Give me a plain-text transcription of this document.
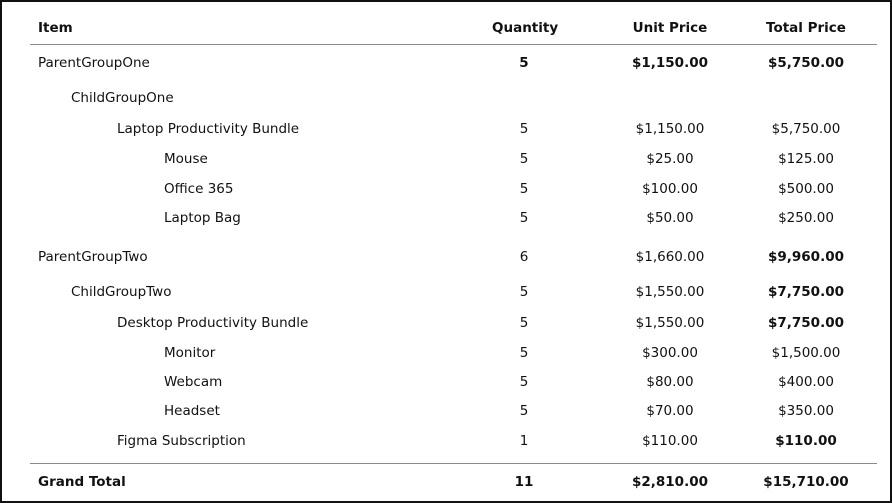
Item	Quantity	Unit Price	Total Price
ParentGroupOne	5	$1,150.00	$5,750.00
ChildGroupOne
Laptop Productivity Bundle	5	$1,150.00	$5,750.00
Mouse	5	$25.00	$125.00
Office 365	5	$100.00	$500.00
Laptop Bag	5	$50.00	$250.00
ParentGroupTwo	6	$1,660.00	$9,960.00
ChildGroupTwo	5	$1,550.00	$7,750.00
Desktop Productivity Bundle	5	$1,550.00	$7,750.00
Monitor	5	$300.00	$1,500.00
Webcam	5	$80.00	$400.00
Headset	5	$70.00	$350.00
Figma Subscription	1	$110.00	$110.00
Grand Total	11	$2,810.00	$15,710.00
